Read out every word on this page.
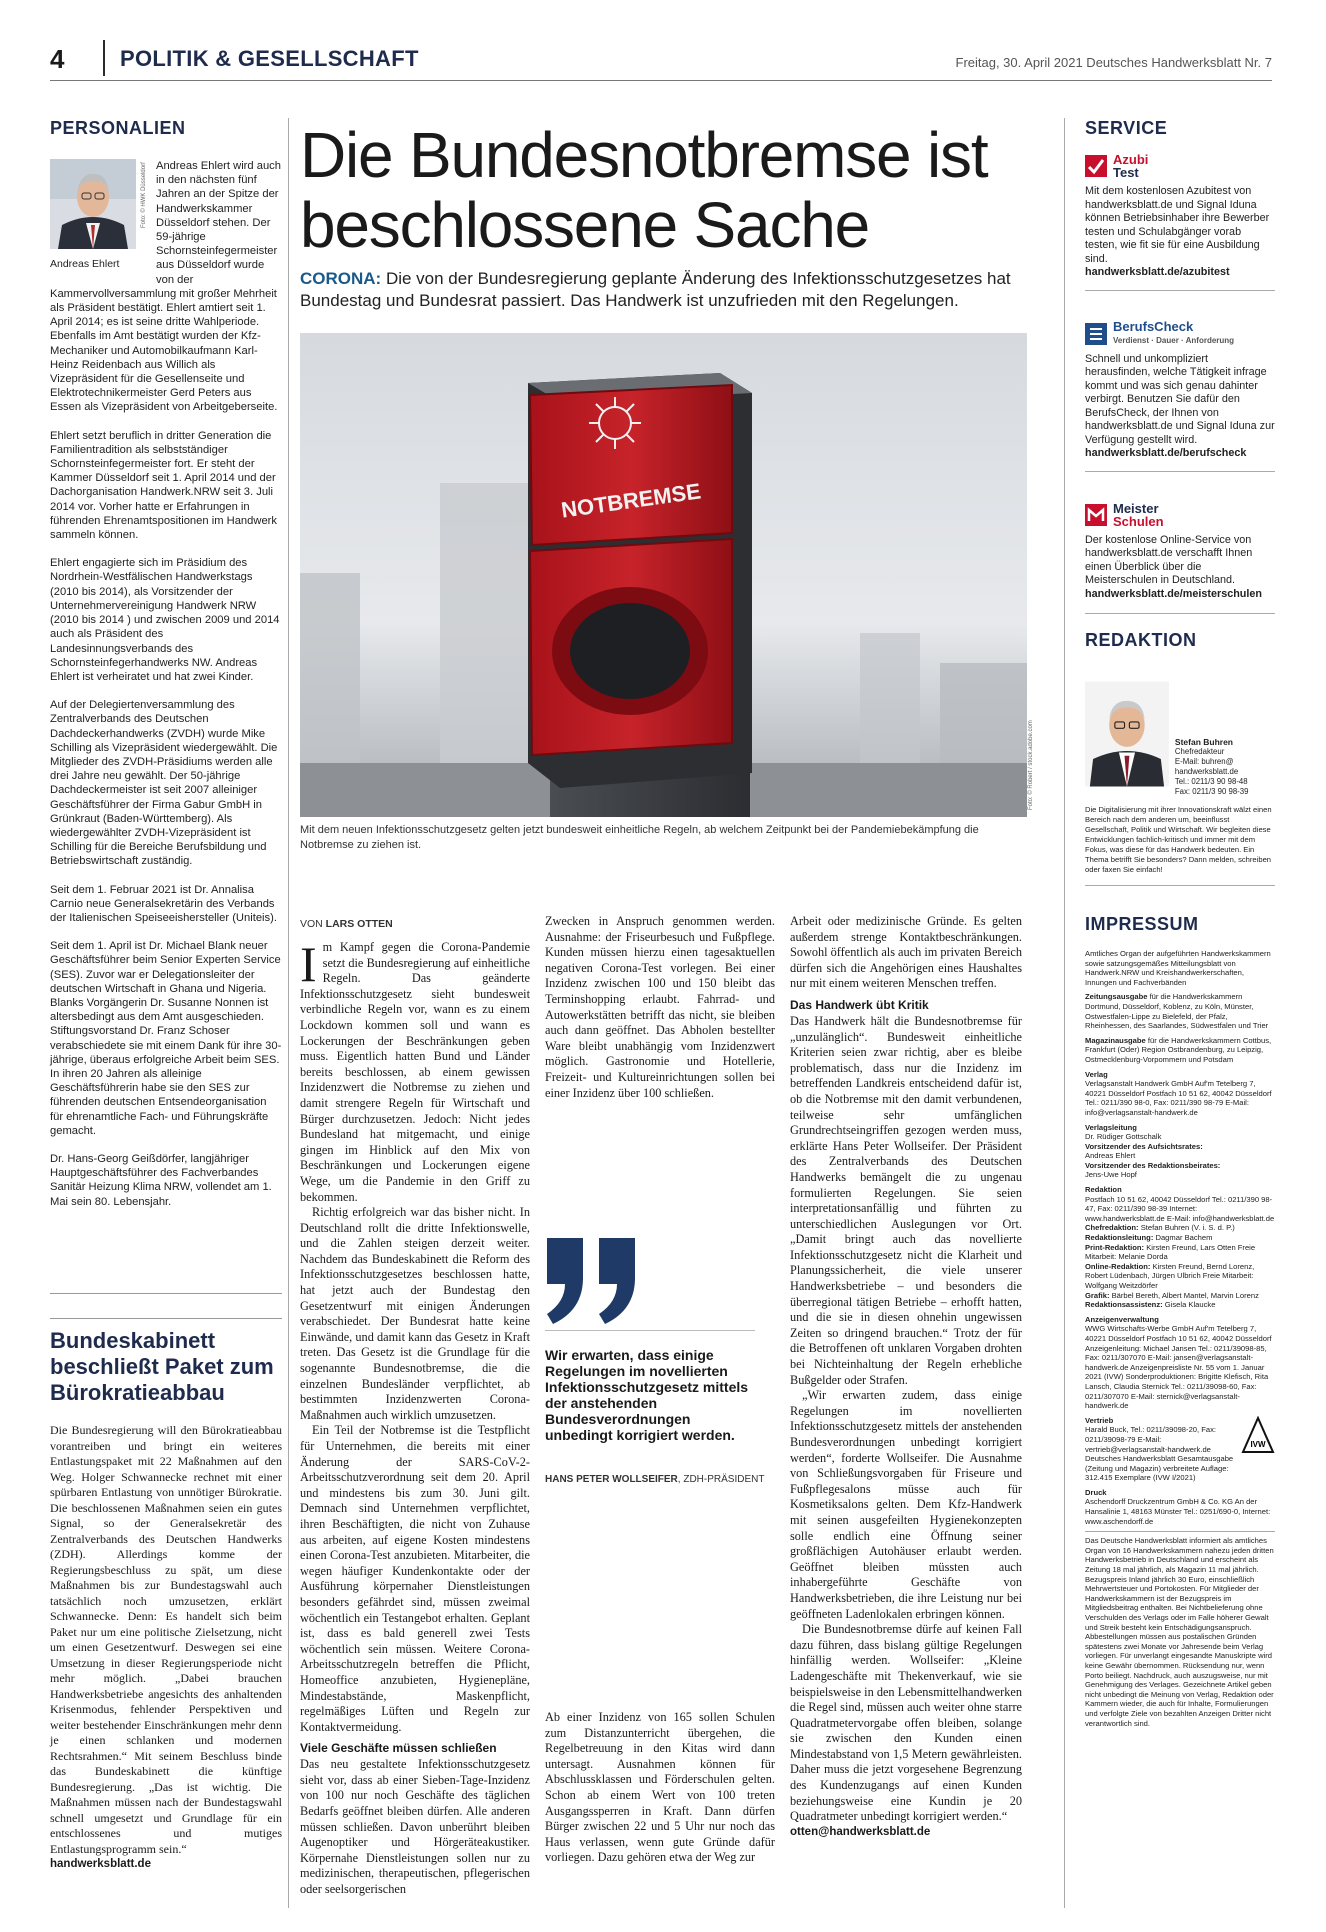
4	POLITIK & GESELLSCHAFT	Freitag, 30. April 2021 Deutsches Handwerksblatt Nr. 7
PERSONALIEN
Andreas Ehlert

Andreas Ehlert wird auch in den nächsten fünf Jahren an der Spitze der Handwerkskammer Düsseldorf stehen. Der 59-jährige Schornsteinfegermeister aus Düsseldorf wurde von der Kammervollversammlung mit großer Mehrheit als Präsident bestätigt. Ehlert amtiert seit 1. April 2014; es ist seine dritte Wahlperiode. Ebenfalls im Amt bestätigt wurden der Kfz-Mechaniker und Automobilkaufmann Karl-Heinz Reidenbach aus Willich als Vizepräsident für die Gesellenseite und Elektrotechnikermeister Gerd Peters aus Essen als Vizepräsident von Arbeitgeberseite.

Ehlert setzt beruflich in dritter Generation die Familientradition als selbstständiger Schornsteinfegermeister fort. Er steht der Kammer Düsseldorf seit 1. April 2014 und der Dachorganisation Handwerk.NRW seit 3. Juli 2014 vor. Vorher hatte er Erfahrungen in führenden Ehrenamtspositionen im Handwerk sammeln können.

Ehlert engagierte sich im Präsidium des Nordrhein-Westfälischen Handwerkstags (2010 bis 2014), als Vorsitzender der Unternehmervereinigung Handwerk NRW (2010 bis 2014 ) und zwischen 2009 und 2014 auch als Präsident des Landesinnungsverbands des Schornsteinfegerhandwerks NW. Andreas Ehlert ist verheiratet und hat zwei Kinder.

Auf der Delegiertenversammlung des Zentralverbands des Deutschen Dachdeckerhandwerks (ZVDH) wurde Mike Schilling als Vizepräsident wiedergewählt. Die Mitglieder des ZVDH-Präsidiums werden alle drei Jahre neu gewählt. Der 50-jährige Dachdeckermeister ist seit 2007 alleiniger Geschäftsführer der Firma Gabur GmbH in Grünkraut (Baden-Württemberg). Als wiedergewählter ZVDH-Vizepräsident ist Schilling für die Bereiche Berufsbildung und Betriebswirtschaft zuständig.

Seit dem 1. Februar 2021 ist Dr. Annalisa Carnio neue Generalsekretärin des Verbands der Italienischen Speiseeishersteller (Uniteis).

Seit dem 1. April ist Dr. Michael Blank neuer Geschäftsführer beim Senior Experten Service (SES). Zuvor war er Delegationsleiter der deutschen Wirtschaft in Ghana und Nigeria. Blanks Vorgängerin Dr. Susanne Nonnen ist altersbedingt aus dem Amt ausgeschieden. Stiftungsvorstand Dr. Franz Schoser verabschiedete sie mit einem Dank für ihre 30-jährige, überaus erfolgreiche Arbeit beim SES. In ihren 20 Jahren als alleinige Geschäftsführerin habe sie den SES zur führenden deutschen Entsendeorganisation für ehrenamtliche Fach- und Führungskräfte gemacht.

Dr. Hans-Georg Geißdörfer, langjähriger Hauptgeschäftsführer des Fachverbandes Sanitär Heizung Klima NRW, vollendet am 1. Mai sein 80. Lebensjahr.

Foto: © HWK Düsseldorf
Bundeskabinett beschließt Paket zum Bürokratieabbau

Die Bundesregierung will den Bürokratieabbau vorantreiben und bringt ein weiteres Entlastungspaket mit 22 Maßnahmen auf den Weg. Holger Schwannecke rechnet mit einer spürbaren Entlastung von unnötiger Bürokratie. Die beschlossenen Maßnahmen seien ein gutes Signal, so der Generalsekretär des Zentralverbands des Deutschen Handwerks (ZDH). Allerdings komme der Regierungsbeschluss zu spät, um diese Maßnahmen bis zur Bundestagswahl auch tatsächlich noch umzusetzen, erklärt Schwannecke. Denn: Es handelt sich beim Paket nur um eine politische Zielsetzung, nicht um einen Gesetzentwurf. Deswegen sei eine Umsetzung in dieser Regierungsperiode nicht mehr möglich. „Dabei brauchen Handwerksbetriebe angesichts des anhaltenden Krisenmodus, fehlender Perspektiven und weiter bestehender Einschränkungen mehr denn je einen schlanken und modernen Rechtsrahmen.“ Mit seinem Beschluss binde das Bundeskabinett die künftige Bundesregierung. „Das ist wichtig. Die Maßnahmen müssen nach der Bundestagswahl schnell umgesetzt und Grundlage für ein entschlossenes und mutiges Entlastungsprogramm sein.“

handwerksblatt.de

Die Bundesnotbremse ist beschlossene Sache
CORONA: Die von der Bundesregierung geplante Änderung des Infektionsschutzgesetzes hat Bundestag und Bundesrat passiert. Das Handwerk ist unzufrieden mit den Regelungen.
NOTBREMSE
Foto: © Robert / stock.adobe.com
Mit dem neuen Infektionsschutzgesetz gelten jetzt bundesweit einheitliche Regeln, ab welchem Zeitpunkt bei der Pandemiebekämpfung die Notbremse zu ziehen ist.
VON LARS OTTEN

Im Kampf gegen die Corona-Pandemie setzt die Bundesregierung auf einheitliche Regeln. Das geänderte Infektionsschutzgesetz sieht bundesweit verbindliche Regeln vor, wann es zu einem Lockdown kommen soll und wann es Lockerungen der Beschränkungen geben muss. Eigentlich hatten Bund und Länder bereits beschlossen, ab einem gewissen Inzidenzwert die Notbremse zu ziehen und damit strengere Regeln für Wirtschaft und Bürger durchzusetzen. Jedoch: Nicht jedes Bundesland hat mitgemacht, und einige gingen im Hinblick auf den Mix von Beschränkungen und Lockerungen eigene Wege, um die Pandemie in den Griff zu bekommen.

Richtig erfolgreich war das bisher nicht. In Deutschland rollt die dritte Infektionswelle, und die Zahlen steigen derzeit weiter. Nachdem das Bundeskabinett die Reform des Infektionsschutzgesetzes beschlossen hatte, hat jetzt auch der Bundestag den Gesetzentwurf mit einigen Änderungen verabschiedet. Der Bundesrat hatte keine Einwände, und damit kann das Gesetz in Kraft treten. Das Gesetz ist die Grundlage für die sogenannte Bundesnotbremse, die die einzelnen Bundesländer verpflichtet, ab bestimmten Inzidenzwerten Corona-Maßnahmen auch wirklich umzusetzen.

Ein Teil der Notbremse ist die Testpflicht für Unternehmen, die bereits mit einer Änderung der SARS-CoV-2-Arbeitsschutzverordnung seit dem 20. April und mindestens bis zum 30. Juni gilt. Demnach sind Unternehmen verpflichtet, ihren Beschäftigten, die nicht von Zuhause aus arbeiten, auf eigene Kosten mindestens einen Corona-Test anzubieten. Mitarbeiter, die wegen häufiger Kundenkontakte oder der Ausführung körpernaher Dienstleistungen besonders gefährdet sind, müssen zweimal wöchentlich ein Testangebot erhalten. Geplant ist, dass es bald generell zwei Tests wöchentlich sein müssen. Weitere Corona-Arbeitsschutzregeln betreffen die Pflicht, Homeoffice anzubieten, Hygienepläne, Mindestabstände, Maskenpflicht, regelmäßiges Lüften und Regeln zur Kontaktvermeidung.

Viele Geschäfte müssen schließen

Das neu gestaltete Infektionsschutzgesetz sieht vor, dass ab einer Sieben-Tage-Inzidenz von 100 nur noch Geschäfte des täglichen Bedarfs geöffnet bleiben dürfen. Alle anderen müssen schließen. Davon unberührt bleiben Augenoptiker und Hörgeräteakustiker. Körpernahe Dienstleistungen sollen nur zu medizinischen, therapeutischen, pflegerischen oder seelsorgerischen

Zwecken in Anspruch genommen werden. Ausnahme: der Friseurbesuch und Fußpflege. Kunden müssen hierzu einen tagesaktuellen negativen Corona-Test vorlegen. Bei einer Inzidenz zwischen 100 und 150 bleibt das Terminshopping erlaubt. Fahrrad- und Autowerkstätten betrifft das nicht, sie bleiben auch dann geöffnet. Das Abholen bestellter Ware bleibt unabhängig vom Inzidenzwert möglich. Gastronomie und Hotellerie, Freizeit- und Kultureinrichtungen sollen bei einer Inzidenz über 100 schließen.

Wir erwarten, dass einige Regelungen im novellierten Infektionsschutzgesetz mittels der anstehenden Bundesverordnungen unbedingt korrigiert werden.
HANS PETER WOLLSEIFER, ZDH-PRÄSIDENT

Ab einer Inzidenz von 165 sollen Schulen zum Distanzunterricht übergehen, die Regelbetreuung in den Kitas wird dann untersagt. Ausnahmen können für Abschlussklassen und Förderschulen gelten. Schon ab einem Wert von 100 treten Ausgangssperren in Kraft. Dann dürfen Bürger zwischen 22 und 5 Uhr nur noch das Haus verlassen, wenn gute Gründe dafür vorliegen. Dazu gehören etwa der Weg zur

Arbeit oder medizinische Gründe. Es gelten außerdem strenge Kontaktbeschränkungen. Sowohl öffentlich als auch im privaten Bereich dürfen sich die Angehörigen eines Haushaltes nur mit einem weiteren Menschen treffen.

Das Handwerk übt Kritik

Das Handwerk hält die Bundesnotbremse für „unzulänglich“. Bundesweit einheitliche Kriterien seien zwar richtig, aber es bleibe problematisch, dass nur die Inzidenz im betreffenden Landkreis entscheidend dafür ist, ob die Notbremse mit den damit verbundenen, teilweise sehr umfänglichen Grundrechtseingriffen gezogen werden muss, erklärte Hans Peter Wollseifer. Der Präsident des Zentralverbands des Deutschen Handwerks bemängelt die zu ungenau formulierten Regelungen. Sie seien interpretationsanfällig und führten zu unterschiedlichen Auslegungen vor Ort. „Damit bringt auch das novellierte Infektionsschutzgesetz nicht die Klarheit und Planungssicherheit, die viele unserer Handwerksbetriebe – und besonders die überregional tätigen Betriebe – erhofft hatten, und die sie in diesen ohnehin ungewissen Zeiten so dringend brauchen.“ Trotz der für die Betroffenen oft unklaren Vorgaben drohten bei Nichteinhaltung der Regeln erhebliche Bußgelder oder Strafen.

„Wir erwarten zudem, dass einige Regelungen im novellierten Infektionsschutzgesetz mittels der anstehenden Bundesverordnungen unbedingt korrigiert werden“, forderte Wollseifer. Die Ausnahme von Schließungsvorgaben für Friseure und Fußpflegesalons müsse auch für Kosmetiksalons gelten. Dem Kfz-Handwerk mit seinen ausgefeilten Hygienekonzepten solle endlich eine Öffnung seiner großflächigen Autohäuser erlaubt werden. Geöffnet bleiben müssten auch inhabergeführte Geschäfte von Handwerksbetrieben, die ihre Leistung nur bei geöffneten Ladenlokalen erbringen können.

Die Bundesnotbremse dürfe auf keinen Fall dazu führen, dass bislang gültige Regelungen hinfällig werden. Wollseifer: „Kleine Ladengeschäfte mit Thekenverkauf, wie sie beispielsweise in den Lebensmittelhandwerken die Regel sind, müssen auch weiter ohne starre Quadratmetervorgabe offen bleiben, solange sie zwischen den Kunden einen Mindestabstand von 1,5 Metern gewährleisten. Daher muss die jetzt vorgesehene Begrenzung des Kundenzugangs auf einen Kunden beziehungsweise eine Kundin je 20 Quadratmeter unbedingt korrigiert werden.“

otten@handwerksblatt.de

SERVICE
Azubi
Test
Mit dem kostenlosen Azubitest von handwerksblatt.de und Signal Iduna können Betriebsinhaber ihre Bewerber testen und Schulabgänger vorab testen, wie fit sie für eine Ausbildung sind.
handwerksblatt.de/azubitest
BerufsCheck
Verdienst · Dauer · Anforderung
Schnell und unkompliziert herausfinden, welche Tätigkeit infrage kommt und was sich genau dahinter verbirgt. Benutzen Sie dafür den BerufsCheck, der Ihnen von handwerksblatt.de und Signal Iduna zur Verfügung gestellt wird.
handwerksblatt.de/berufscheck
Meister
Schulen
Der kostenlose Online-Service von handwerksblatt.de verschafft Ihnen einen Überblick über die Meisterschulen in Deutschland.
handwerksblatt.de/meisterschulen
REDAKTION
Stefan Buhren
Chefredakteur
E-Mail: buhren@ handwerksblatt.de
Tel.: 0211/3 90 98-48
Fax: 0211/3 90 98-39
Die Digitalisierung mit ihrer Innovationskraft wälzt einen Bereich nach dem anderen um, beeinflusst Gesellschaft, Politik und Wirtschaft. Wir begleiten diese Entwicklungen fachlich-kritisch und immer mit dem Fokus, was diese für das Handwerk bedeuten. Ein Thema betrifft Sie besonders? Dann melden, schreiben oder faxen Sie einfach!
IMPRESSUM

Amtliches Organ der aufgeführten Handwerkskammern sowie satzungsgemäßes Mitteilungsblatt von Handwerk.NRW und Kreishandwerkerschaften, Innungen und Fachverbänden

Zeitungsausgabe für die Handwerkskammern Dortmund, Düsseldorf, Koblenz, zu Köln, Münster, Ostwestfalen-Lippe zu Bielefeld, der Pfalz, Rheinhessen, des Saarlandes, Südwestfalen und Trier

Magazinausgabe für die Handwerkskammern Cottbus, Frankfurt (Oder) Region Ostbrandenburg, zu Leipzig, Ostmecklenburg-Vorpommern und Potsdam

Verlag
Verlagsanstalt Handwerk GmbH Auf'm Tetelberg 7, 40221 Düsseldorf Postfach 10 51 62, 40042 Düsseldorf Tel.: 0211/390 98-0, Fax: 0211/390 98-79 E-Mail: info@verlagsanstalt-handwerk.de

Verlagsleitung
Dr. Rüdiger Gottschalk
Vorsitzender des Aufsichtsrates:
Andreas Ehlert
Vorsitzender des Redaktionsbeirates:
Jens-Uwe Hopf

Redaktion
Postfach 10 51 62, 40042 Düsseldorf Tel.: 0211/390 98-47, Fax: 0211/390 98-39 Internet: www.handwerksblatt.de E-Mail: info@handwerksblatt.de
Chefredaktion: Stefan Buhren (V. i. S. d. P.)
Redaktionsleitung: Dagmar Bachem
Print-Redaktion: Kirsten Freund, Lars Otten Freie Mitarbeit: Melanie Dorda
Online-Redaktion: Kirsten Freund, Bernd Lorenz, Robert Lüdenbach, Jürgen Ulbrich Freie Mitarbeit: Wolfgang Weitzdörfer
Grafik: Bärbel Bereth, Albert Mantel, Marvin Lorenz
Redaktionsassistenz: Gisela Klaucke

Anzeigenverwaltung
WWG Wirtschafts-Werbe GmbH Auf'm Tetelberg 7, 40221 Düsseldorf Postfach 10 51 62, 40042 Düsseldorf Anzeigenleitung: Michael Jansen Tel.: 0211/39098-85, Fax: 0211/307070 E-Mail: jansen@verlagsanstalt-handwerk.de Anzeigenpreisliste Nr. 55 vom 1. Januar 2021 (IVW) Sonderproduktionen: Brigitte Klefisch, Rita Lansch, Claudia Sternick Tel.: 0211/39098-60, Fax: 0211/307070 E-Mail: sternick@verlagsanstalt-handwerk.de

Vertrieb
Harald Buck, Tel.: 0211/39098-20, Fax: 0211/39098-79 E-Mail: vertrieb@verlagsanstalt-handwerk.de Deutsches Handwerksblatt Gesamtausgabe (Zeitung und Magazin) verbreitete Auflage: 312.415 Exemplare (IVW I/2021)

IVW

Druck
Aschendorff Druckzentrum GmbH & Co. KG An der Hansalinie 1, 48163 Münster Tel.: 0251/690-0, Internet: www.aschendorff.de

Das Deutsche Handwerksblatt informiert als amtliches Organ von 16 Handwerkskammern nahezu jeden dritten Handwerksbetrieb in Deutschland und erscheint als Zeitung 18 mal jährlich, als Magazin 11 mal jährlich. Bezugspreis Inland jährlich 30 Euro, einschließlich Mehrwertsteuer und Portokosten. Für Mitglieder der Handwerkskammern ist der Bezugspreis im Mitgliedsbeitrag enthalten. Bei Nichtbelieferung ohne Verschulden des Verlags oder im Falle höherer Gewalt und Streik besteht kein Entschädigungsanspruch. Abbestellungen müssen aus postalischen Gründen spätestens zwei Monate vor Jahresende beim Verlag vorliegen. Für unverlangt eingesandte Manuskripte wird keine Gewähr übernommen. Rücksendung nur, wenn Porto beiliegt. Nachdruck, auch auszugsweise, nur mit Genehmigung des Verlages. Gezeichnete Artikel geben nicht unbedingt die Meinung von Verlag, Redaktion oder Kammern wieder, die auch für Inhalte, Formulierungen und verfolgte Ziele von bezahlten Anzeigen Dritter nicht verantwortlich sind.
